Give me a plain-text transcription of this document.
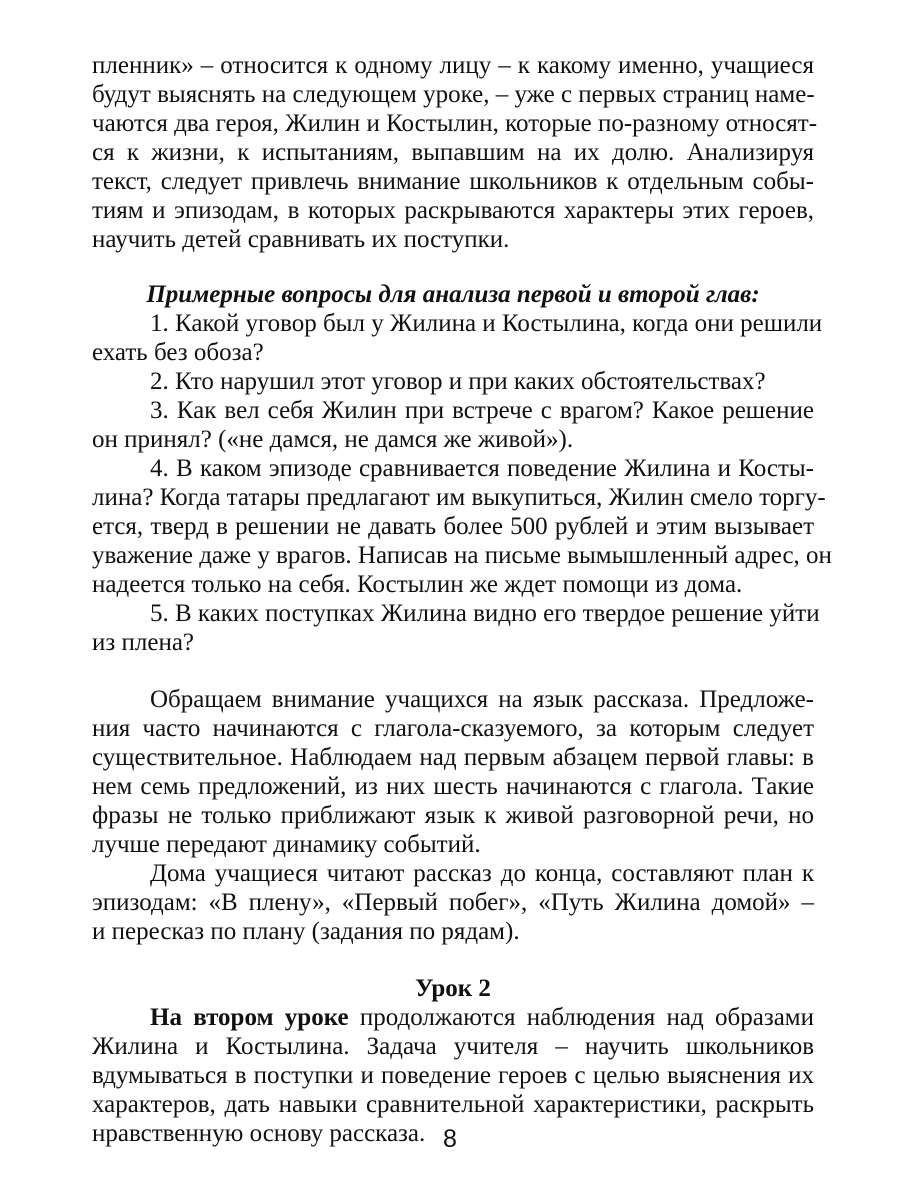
пленник» – относится к одному лицу – к какому именно, учащиеся
будут выяснять на следующем уроке, – уже с первых страниц наме-
чаются два героя, Жилин и Костылин, которые по-разному относят-
ся к жизни, к испытаниям, выпавшим на их долю. Анализируя
текст, следует привлечь внимание школьников к отдельным собы-
тиям и эпизодам, в которых раскрываются характеры этих героев,
научить детей сравнивать их поступки.
Примерные вопросы для анализа первой и второй глав:
1. Какой уговор был у Жилина и Костылина, когда они решили
ехать без обоза?
2. Кто нарушил этот уговор и при каких обстоятельствах?
3. Как вел себя Жилин при встрече с врагом? Какое решение
он принял? («не дамся, не дамся же живой»).
4. В каком эпизоде сравнивается поведение Жилина и Косты-
лина? Когда татары предлагают им выкупиться, Жилин смело торгу-
ется, тверд в решении не давать более 500 рублей и этим вызывает
уважение даже у врагов. Написав на письме вымышленный адрес, он
надеется только на себя. Костылин же ждет помощи из дома.
5. В каких поступках Жилина видно его твердое решение уйти
из плена?
Обращаем внимание учащихся на язык рассказа. Предложе-
ния часто начинаются с глагола-сказуемого, за которым следует
существительное. Наблюдаем над первым абзацем первой главы: в
нем семь предложений, из них шесть начинаются с глагола. Такие
фразы не только приближают язык к живой разговорной речи, но
лучше передают динамику событий.
Дома учащиеся читают рассказ до конца, составляют план к
эпизодам: «В плену», «Первый побег», «Путь Жилина домой» –
и пересказ по плану (задания по рядам).
Урок 2
На втором уроке продолжаются наблюдения над образами
Жилина и Костылина. Задача учителя – научить школьников
вдумываться в поступки и поведение героев с целью выяснения их
характеров, дать навыки сравнительной характеристики, раскрыть
нравственную основу рассказа. 8
